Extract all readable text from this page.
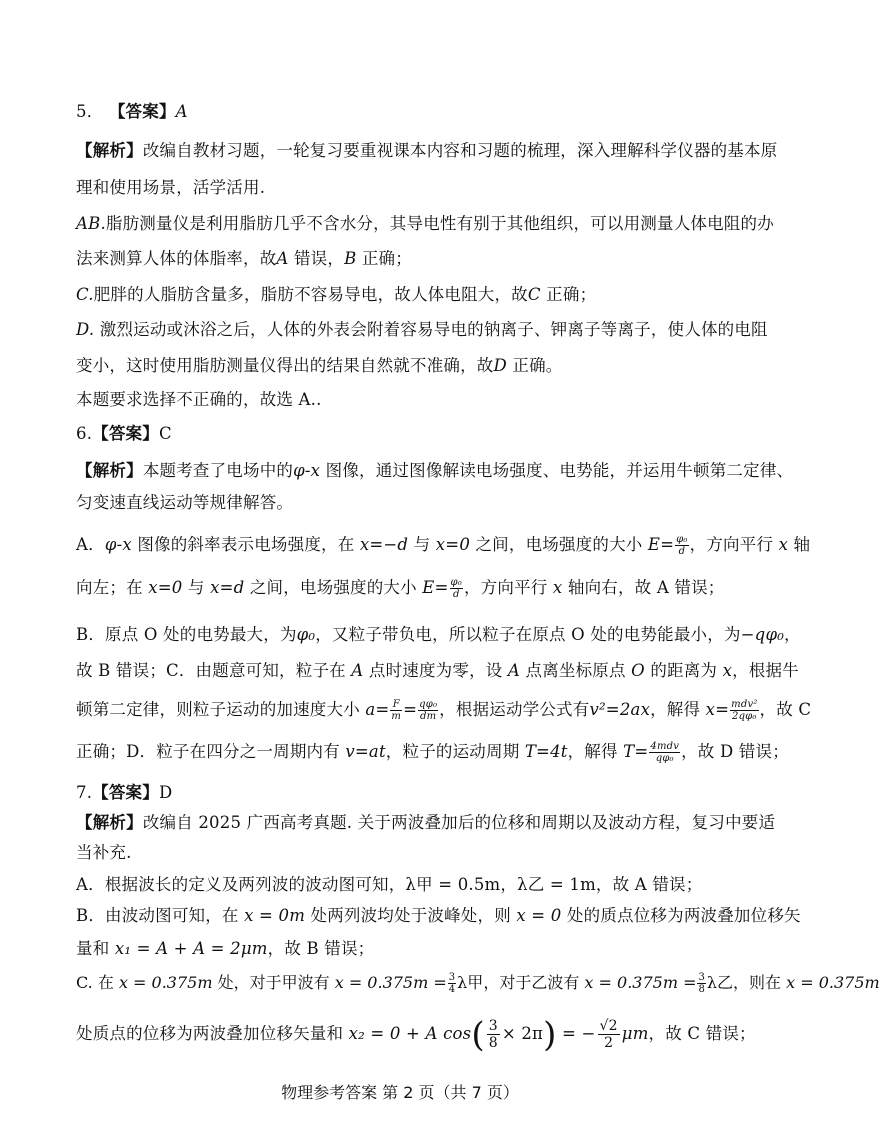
5． 【答案】A
【解析】改编自教材习题，一轮复习要重视课本内容和习题的梳理，深入理解科学仪器的基本原
理和使用场景，活学活用.
AB.脂肪测量仪是利用脂肪几乎不含水分，其导电性有别于其他组织，可以用测量人体电阻的办
法来测算人体的体脂率，故A 错误，B 正确；
C.肥胖的人脂肪含量多，脂肪不容易导电，故人体电阻大，故C 正确；
D. 激烈运动或沐浴之后，人体的外表会附着容易导电的钠离子、钾离子等离子，使人体的电阻
变小，这时使用脂肪测量仪得出的结果自然就不准确，故D 正确。
本题要求选择不正确的，故选 A..
6.【答案】C
【解析】本题考查了电场中的φ-x 图像，通过图像解读电场强度、电势能，并运用牛顿第二定律、
匀变速直线运动等规律解答。
A．φ-x 图像的斜率表示电场强度，在 x=−d 与 x=0 之间，电场强度的大小 $E= \frac{\text{φ₀}}{d}$ ，方向平行 x 轴
向左；在 x=0 与 x=d 之间，电场强度的大小 $E= \frac{\text{φ₀}}{d}$ ，方向平行 x 轴向右，故 A 错误；
B．原点 O 处的电势最大，为φ₀，又粒子带负电，所以粒子在原点 O 处的电势能最小，为−qφ₀，
故 B 错误；C．由题意可知，粒子在 A 点时速度为零，设 A 点离坐标原点 O 的距离为 x，根据牛
顿第二定律，则粒子运动的加速度大小 $a= \frac{F}{m} = \frac{\text{qφ₀}}{dm}$ ，根据运动学公式有v²=2ax，解得 $x= \frac{\text{mdv²}}{\text{2qφ₀}}$ ，故 C
正确；D．粒子在四分之一周期内有 v=at，粒子的运动周期 T=4t，解得 $T= \frac{\text{4mdv}}{\text{qφ₀}}$ ，故 D 错误；
7.【答案】D
【解析】改编自 2025 广西高考真题. 关于两波叠加后的位移和周期以及波动方程，复习中要适
当补充.
A．根据波长的定义及两列波的波动图可知，λ甲 = 0.5m，λ乙 = 1m，故 A 错误；
B．由波动图可知，在 x = 0m 处两列波均处于波峰处，则 x = 0 处的质点位移为两波叠加位移矢
量和 x₁ = A + A = 2μm，故 B 错误；
C. 在 x = 0.375m 处，对于甲波有 $x = 0.375m = \frac{3}{4}$ λ甲，对于乙波有 $x = 0.375m = \frac{3}{8}$ λ乙，则在 x = 0.375m
处质点的位移为两波叠加位移矢量和 x₂ = 0 + A $\cos( \frac{3}{8} \times 2\pi)$ = − $\frac{√2}{2}$ μm，故 C 错误；
物理参考答案 第 2 页（共 7 页）
